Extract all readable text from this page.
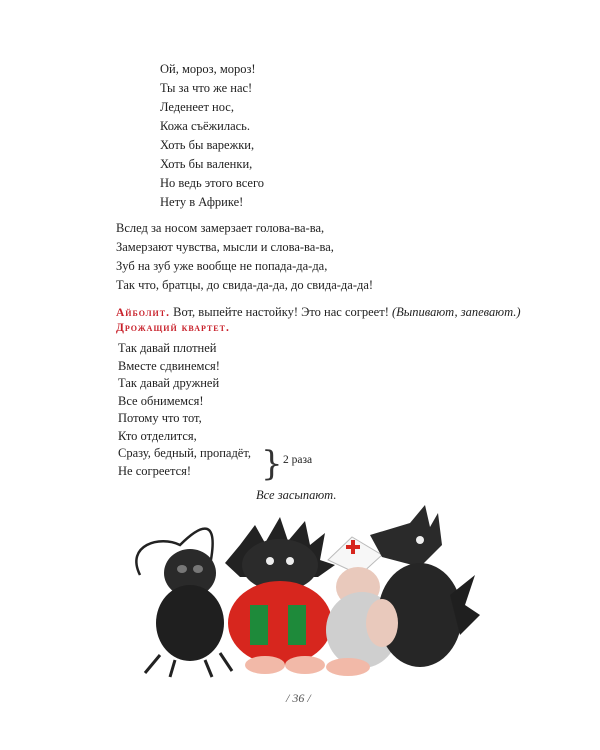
Ой, мороз, мороз!
Ты за что же нас!
Леденеет нос,
Кожа съёжилась.
Хоть бы варежки,
Хоть бы валенки,
Но ведь этого всего
Нету в Африке!
Вслед за носом замерзает голова-ва-ва,
Замерзают чувства, мысли и слова-ва-ва,
Зуб на зуб уже вообще не попада-да-да,
Так что, братцы, до свида-да-да, до свида-да-да!
Айболит. Вот, выпейте настойку! Это нас согреет! (Выпивают, запевают.)
Дрожащий квартет.
Так давай плотней
Вместе сдвинемся!
Так давай дружней
Все обнимемся!
Потому что тот,
Кто отделится,
Сразу, бедный, пропадёт,
Не согреется!	} 2 раза
Все засыпают.
/ 36 /
